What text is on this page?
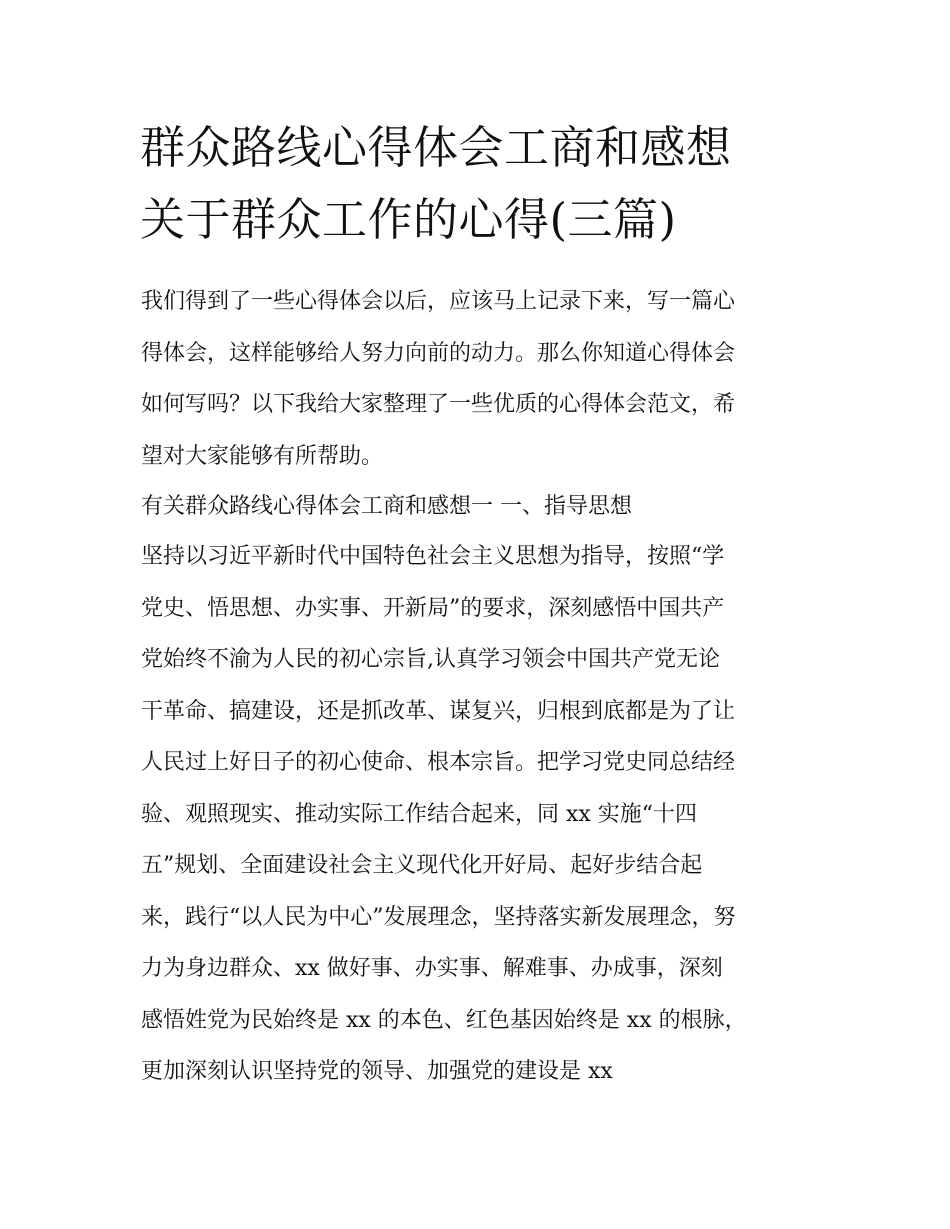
群众路线心得体会工商和感想
关于群众工作的心得(三篇)
我们得到了一些心得体会以后，应该马上记录下来，写一篇心
得体会，这样能够给人努力向前的动力。那么你知道心得体会
如何写吗？以下我给大家整理了一些优质的心得体会范文，希
望对大家能够有所帮助。
有关群众路线心得体会工商和感想一 一、指导思想
坚持以习近平新时代中国特色社会主义思想为指导，按照“学
党史、悟思想、办实事、开新局”的要求，深刻感悟中国共产
党始终不渝为人民的初心宗旨,认真学习领会中国共产党无论
干革命、搞建设，还是抓改革、谋复兴，归根到底都是为了让
人民过上好日子的初心使命、根本宗旨。把学习党史同总结经
验、观照现实、推动实际工作结合起来，同 xx 实施“十四
五”规划、全面建设社会主义现代化开好局、起好步结合起
来，践行“以人民为中心”发展理念，坚持落实新发展理念，努
力为身边群众、xx 做好事、办实事、解难事、办成事，深刻
感悟姓党为民始终是 xx 的本色、红色基因始终是 xx 的根脉，
更加深刻认识坚持党的领导、加强党的建设是 xx
